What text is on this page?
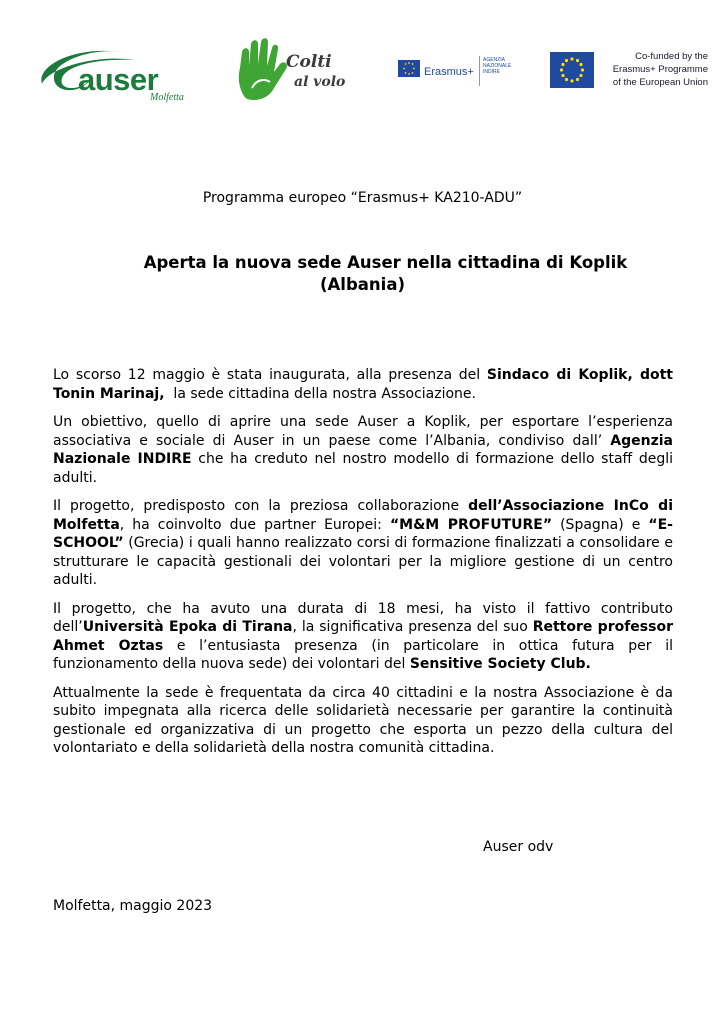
auser
Molfetta
Colti
al volo
Erasmus+
AGENZIA
NAZIONALE
INDIRE
Co-funded by the
Erasmus+ Programme
of the European Union
Programma europeo “Erasmus+ KA210-ADU”
Aperta la nuova sede Auser nella cittadina di Koplik
(Albania)

Lo scorso 12 maggio è stata inaugurata, alla presenza del Sindaco di Koplik, dott Tonin Marinaj,  la sede cittadina della nostra Associazione.

Un obiettivo, quello di aprire una sede Auser a Koplik, per esportare l’esperienza associativa e sociale di Auser in un paese come l’Albania, condiviso dall’ Agenzia Nazionale INDIRE che ha creduto nel nostro modello di formazione dello staff degli adulti.

Il progetto, predisposto con la preziosa collaborazione dell’Associazione InCo di Molfetta, ha coinvolto due partner Europei: “M&M PROFUTURE” (Spagna) e “E-SCHOOL” (Grecia) i quali hanno realizzato corsi di formazione finalizzati a consolidare e strutturare le capacità gestionali dei volontari per la migliore gestione di un centro adulti.

Il progetto, che ha avuto una durata di 18 mesi, ha visto il fattivo contributo dell’Università Epoka di Tirana, la significativa presenza del suo Rettore professor Ahmet Oztas e l’entusiasta presenza (in particolare in ottica futura per il funzionamento della nuova sede) dei volontari del Sensitive Society Club.

Attualmente la sede è frequentata da circa 40 cittadini e la nostra Associazione è da subito impegnata alla ricerca delle solidarietà necessarie per garantire la continuità gestionale ed organizzativa di un progetto che esporta un pezzo della cultura del volontariato e della solidarietà della nostra comunità cittadina.

Auser odv
Molfetta, maggio 2023
